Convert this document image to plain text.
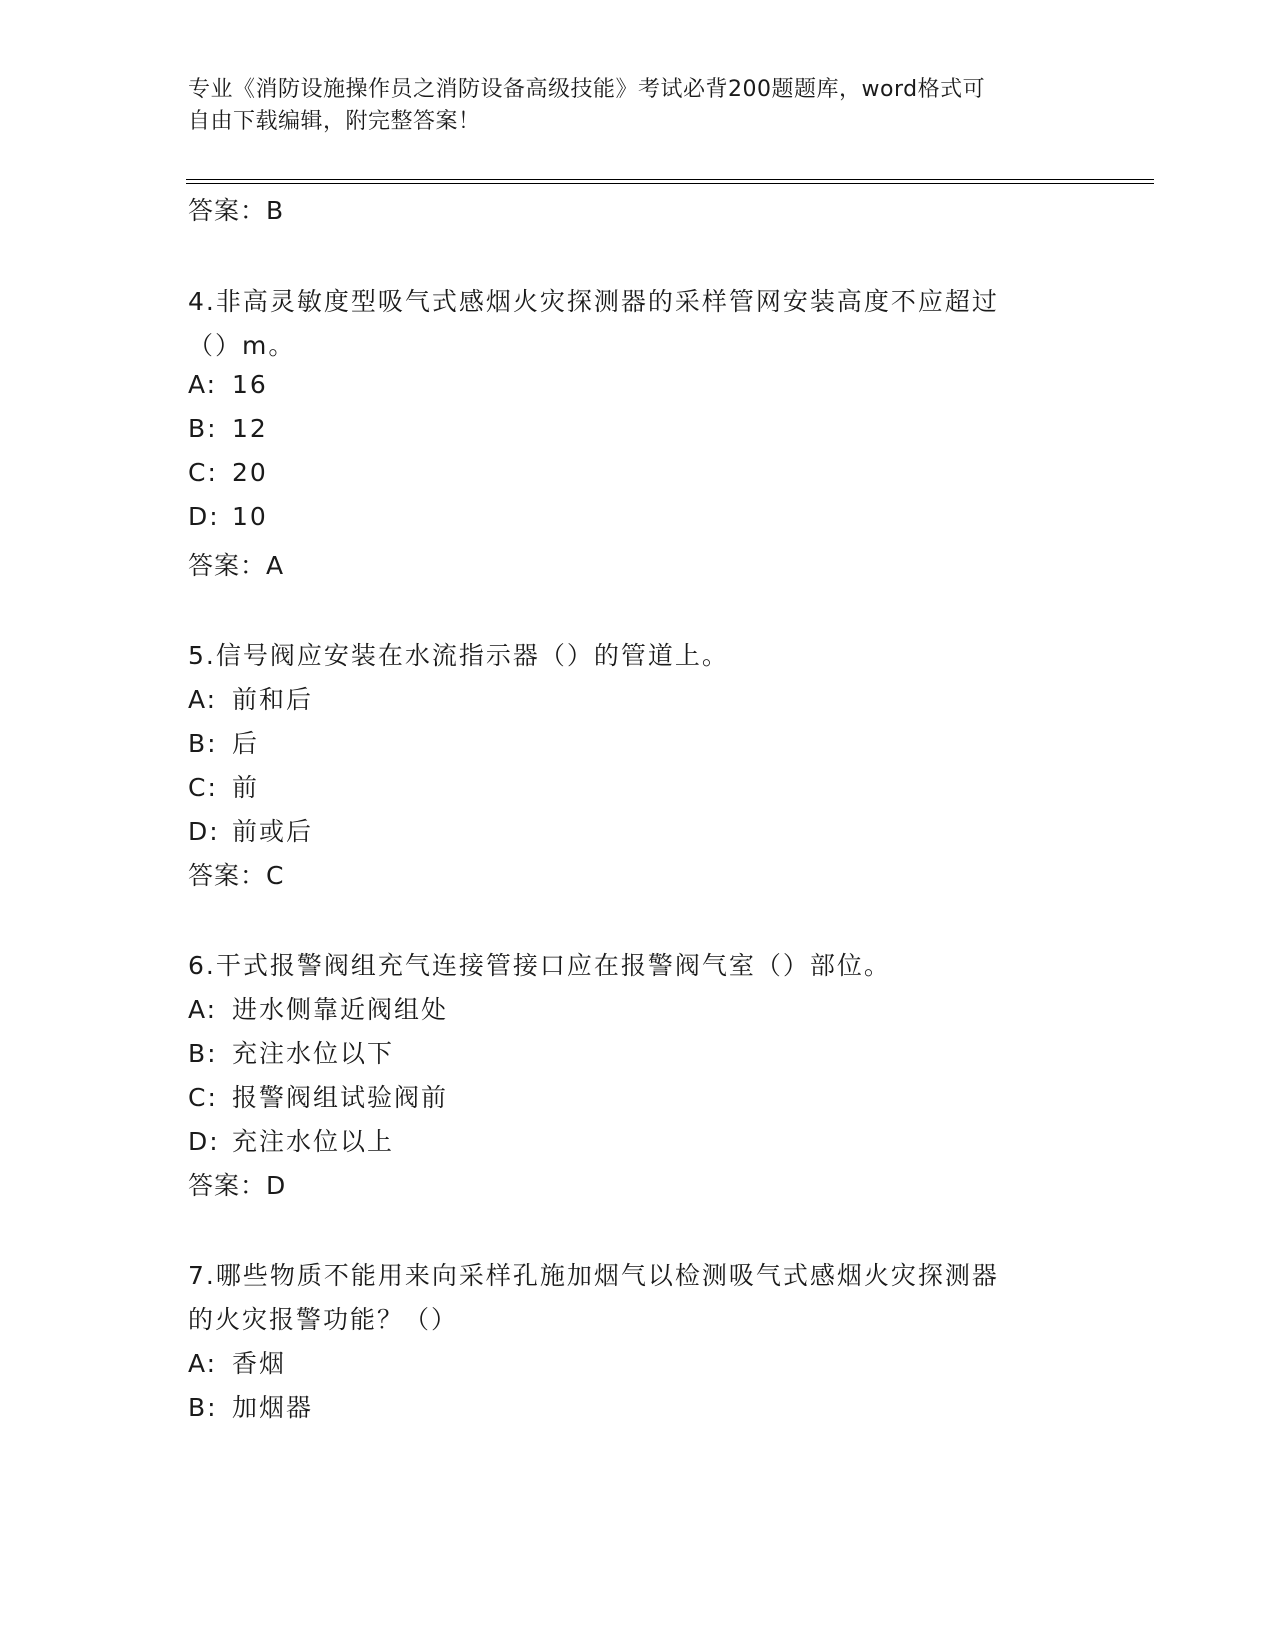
专业《消防设施操作员之消防设备高级技能》考试必背200题题库，word格式可
自由下载编辑，附完整答案！
答案：B
4.非高灵敏度型吸气式感烟火灾探测器的采样管网安装高度不应超过
（）m。
A: 16
B: 12
C: 20
D: 10
答案：A
5.信号阀应安装在水流指示器（）的管道上。
A: 前和后
B: 后
C: 前
D: 前或后
答案：C
6.干式报警阀组充气连接管接口应在报警阀气室（）部位。
A: 进水侧靠近阀组处
B: 充注水位以下
C: 报警阀组试验阀前
D: 充注水位以上
答案：D
7.哪些物质不能用来向采样孔施加烟气以检测吸气式感烟火灾探测器
的火灾报警功能？（）
A: 香烟
B: 加烟器
